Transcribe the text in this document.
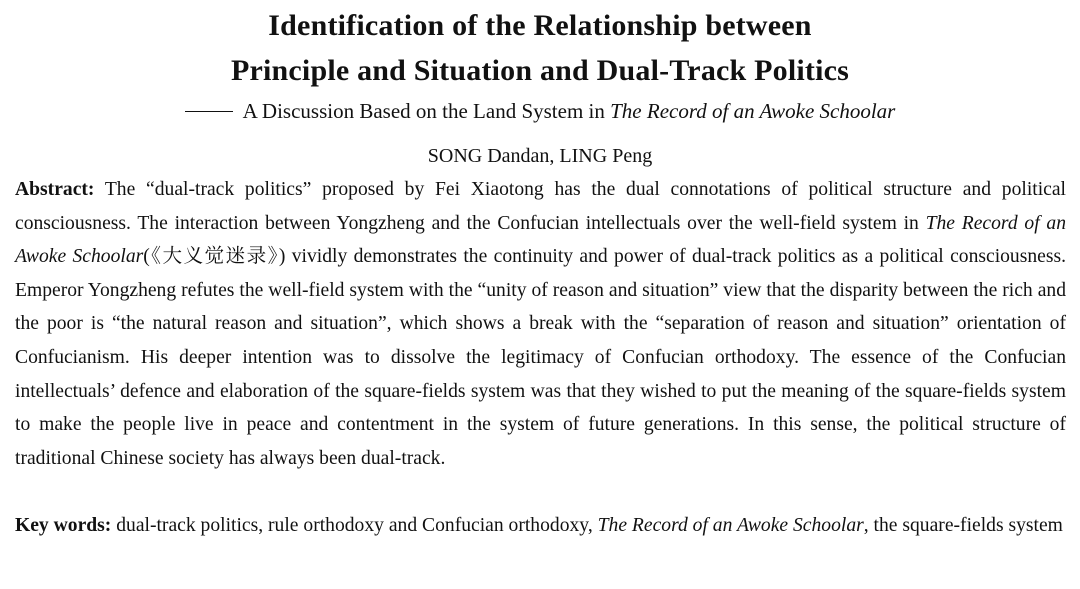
Identification of the Relationship between
Principle and Situation and Dual-Track Politics
A Discussion Based on the Land System in The Record of an Awoke Schoolar
SONG Dandan, LING Peng

Abstract: The “dual-track politics” proposed by Fei Xiaotong has the dual connotations of political structure and political consciousness. The interaction between Yongzheng and the Confucian intellectuals over the well-field system in The Record of an Awoke Schoolar(《大义觉迷录》) vividly demonstrates the continuity and power of dual-track politics as a political consciousness. Emperor Yongzheng refutes the well-field system with the “unity of reason and situation” view that the disparity between the rich and the poor is “the natural reason and situation”, which shows a break with the “separation of reason and situation” orientation of Confucianism. His deeper intention was to dissolve the legitimacy of Confucian orthodoxy. The essence of the Confucian intellectuals’ defence and elaboration of the square-fields system was that they wished to put the meaning of the square-fields system to make the people live in peace and contentment in the system of future generations. In this sense, the political structure of traditional Chinese society has always been dual-track.

Key words: dual-track politics, rule orthodoxy and Confucian orthodoxy, The Record of an Awoke Schoolar, the square-fields system
